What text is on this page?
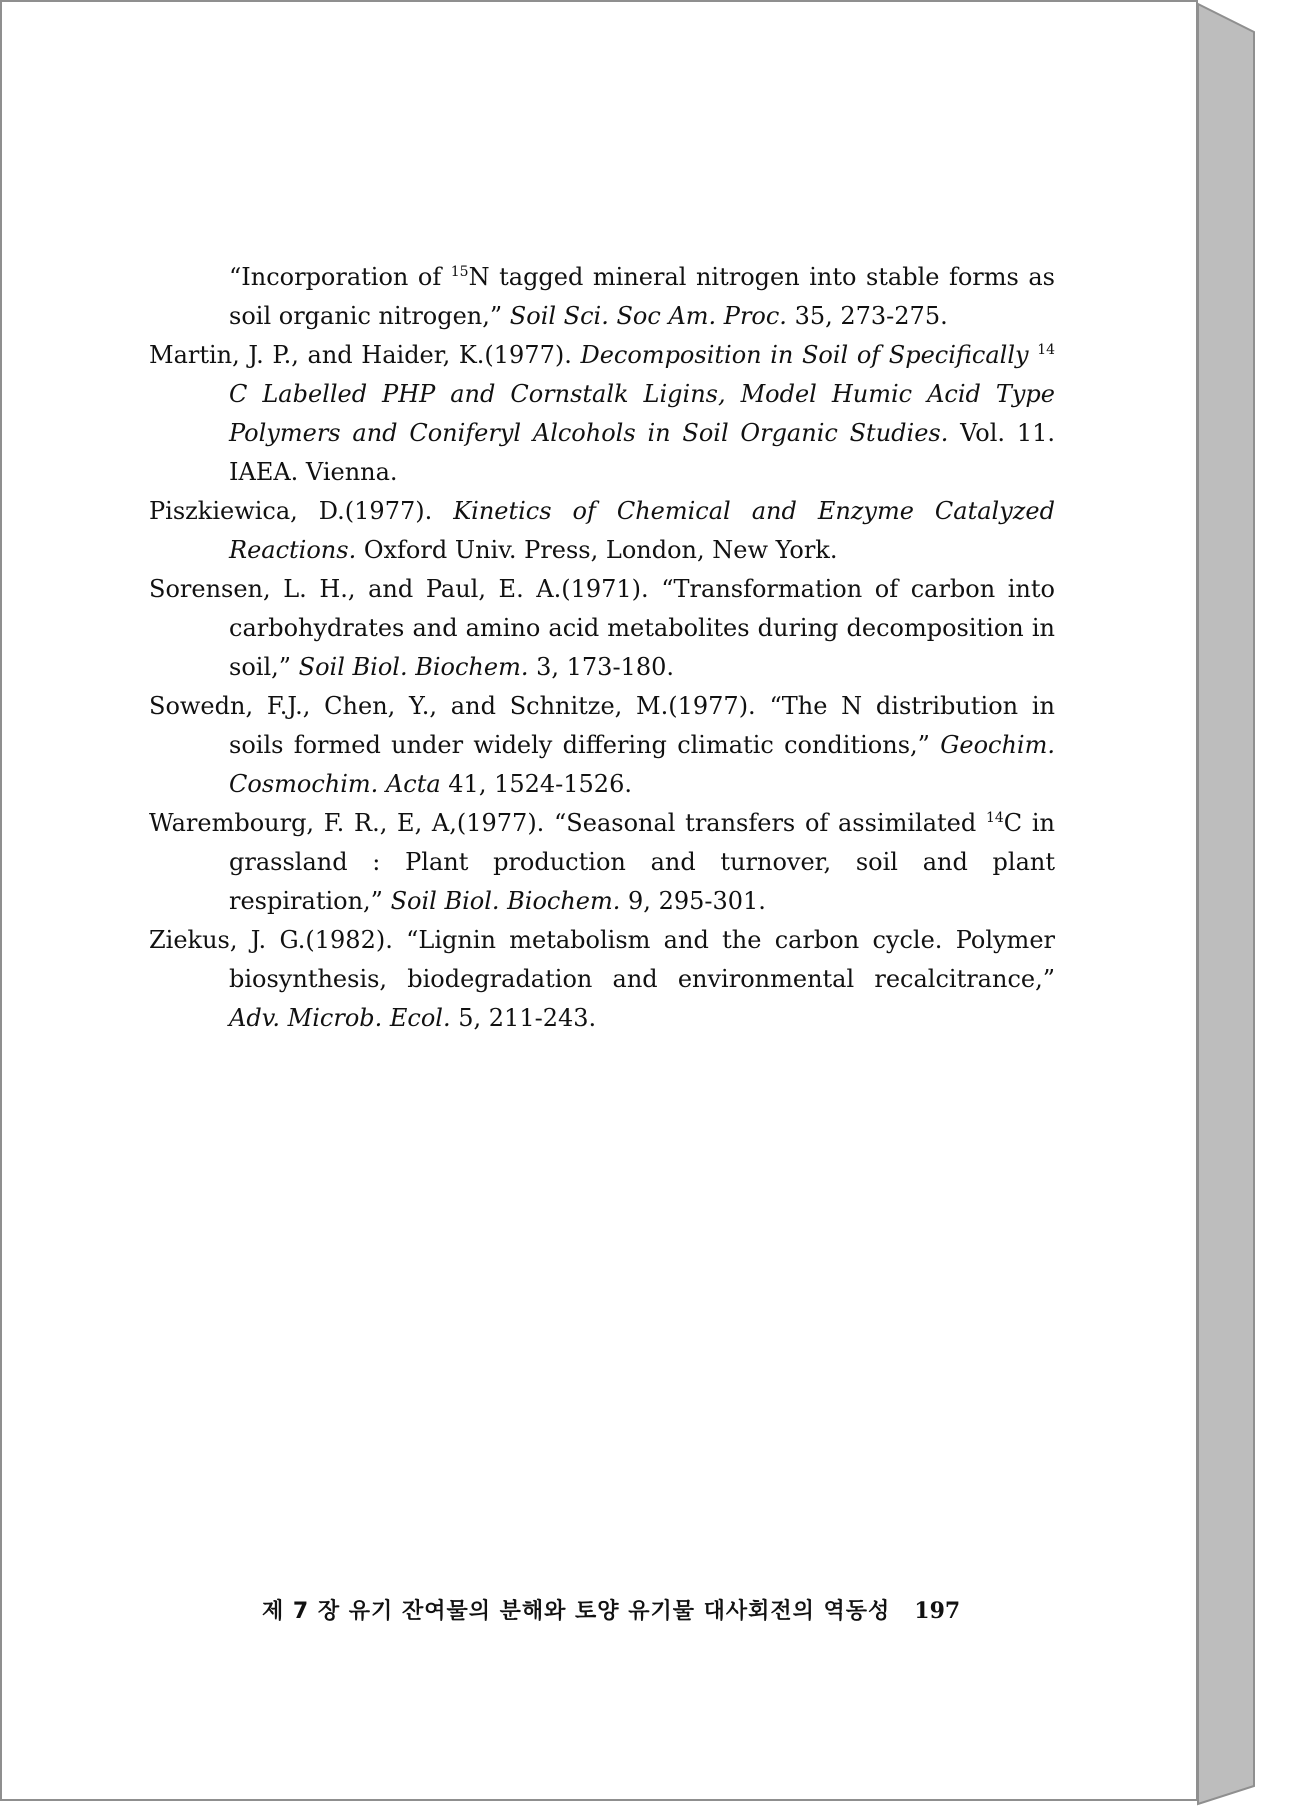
“Incorporation of $^{15}$N tagged mineral nitrogen into stable forms as soil organic nitrogen,” Soil Sci. Soc Am. Proc. 35, 273-275.

Martin, J. P., and Haider, K.(1977). Decomposition in Soil of Specifically $^{14}$ C Labelled PHP and Cornstalk Ligins, Model Humic Acid Type Polymers and Coniferyl Alcohols in Soil Organic Studies. Vol. 11. IAEA. Vienna.

Piszkiewica, D.(1977). Kinetics of Chemical and Enzyme Catalyzed Reactions. Oxford Univ. Press, London, New York.

Sorensen, L. H., and Paul, E. A.(1971). “Transformation of carbon into carbohydrates and amino acid metabolites during decomposition in soil,” Soil Biol. Biochem. 3, 173-180.

Sowedn, F.J., Chen, Y., and Schnitze, M.(1977). “The N distribution in soils formed under widely differing climatic conditions,” Geochim. Cosmochim. Acta 41, 1524-1526.

Warembourg, F. R., E, A,(1977). “Seasonal transfers of assimilated $^{14}$C in grassland : Plant production and turnover, soil and plant respiration,” Soil Biol. Biochem. 9, 295-301.

Ziekus, J. G.(1982). “Lignin metabolism and the carbon cycle. Polymer biosynthesis, biodegradation and environmental recalcitrance,” Adv. Microb. Ecol. 5, 211-243.

제 7 장 유기 잔여물의 분해와 토양 유기물 대사회전의 역동성 197
